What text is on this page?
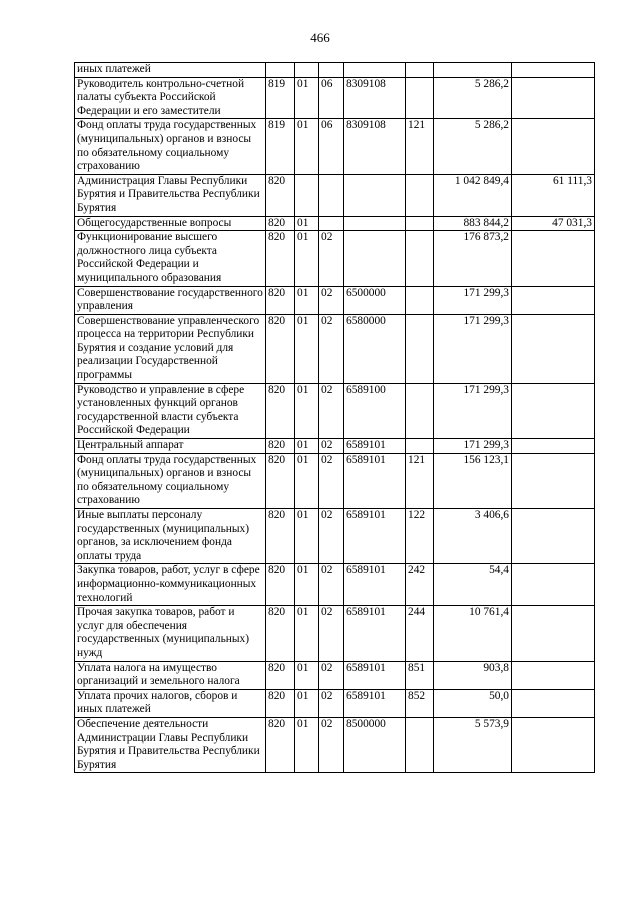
466
иных платежей							
Руководитель контрольно-счетной палаты субъекта Российской Федерации и его заместители	819	01	06	8309108		5 286,2	
Фонд оплаты труда государственных (муниципальных) органов и взносы по обязательному социальному страхованию	819	01	06	8309108	121	5 286,2	
Администрация Главы Республики Бурятия и Правительства Республики Бурятия	820					1 042 849,4	61 111,3
Общегосударственные вопросы	820	01				883 844,2	47 031,3
Функционирование высшего должностного лица субъекта Российской Федерации и муниципального образования	820	01	02			176 873,2	
Совершенствование государственного управления	820	01	02	6500000		171 299,3	
Совершенствование управленческого процесса на территории Республики Бурятия и создание условий для реализации Государственной программы	820	01	02	6580000		171 299,3	
Руководство и управление в сфере установленных функций органов государственной власти субъекта Российской Федерации	820	01	02	6589100		171 299,3	
Центральный аппарат	820	01	02	6589101		171 299,3	
Фонд оплаты труда государственных (муниципальных) органов и взносы по обязательному социальному страхованию	820	01	02	6589101	121	156 123,1	
Иные выплаты персоналу государственных (муниципальных) органов, за исключением фонда оплаты труда	820	01	02	6589101	122	3 406,6	
Закупка товаров, работ, услуг в сфере информационно-коммуникационных технологий	820	01	02	6589101	242	54,4	
Прочая закупка товаров, работ и услуг для обеспечения государственных (муниципальных) нужд	820	01	02	6589101	244	10 761,4	
Уплата налога на имущество организаций и земельного налога	820	01	02	6589101	851	903,8	
Уплата прочих налогов, сборов и иных платежей	820	01	02	6589101	852	50,0	
Обеспечение деятельности Администрации Главы Республики Бурятия и Правительства Республики Бурятия	820	01	02	8500000		5 573,9	
